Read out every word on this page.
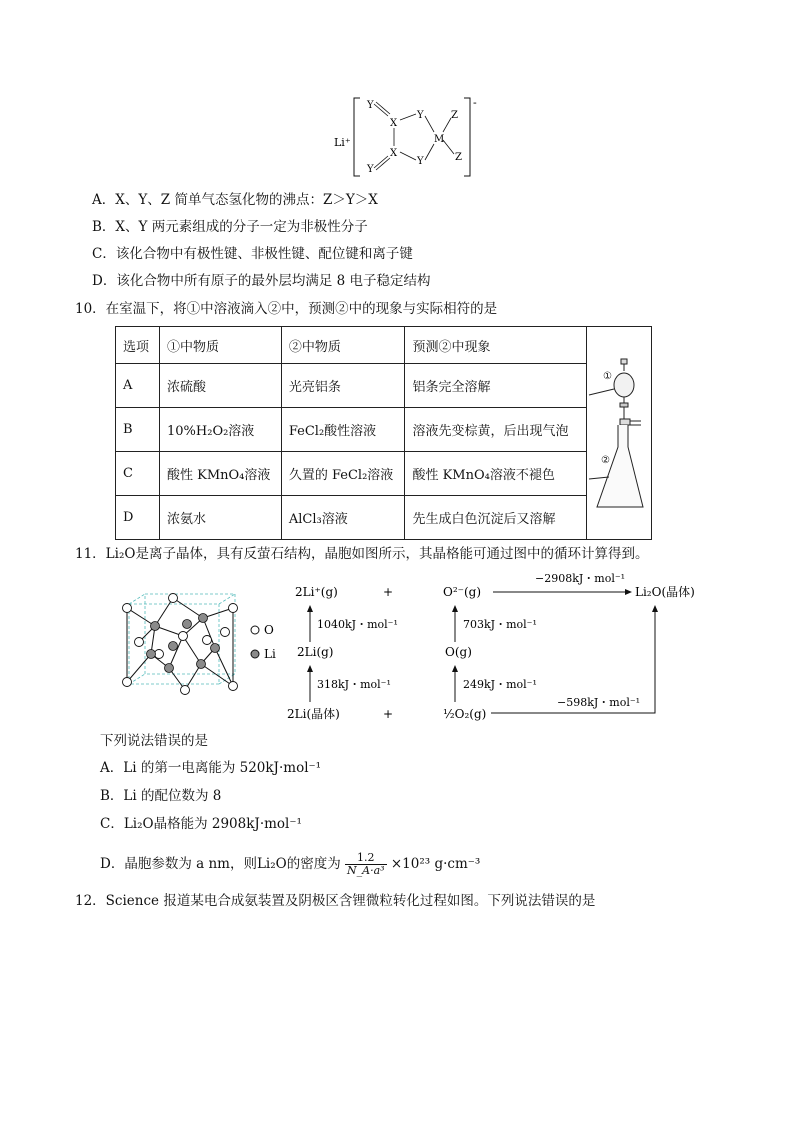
Li⁺
-
Y
Y
X
X
Y
Y
M
Z
Z
A．X、Y、Z 简单气态氢化物的沸点：Z＞Y＞X
B．X、Y 两元素组成的分子一定为非极性分子
C．该化合物中有极性键、非极性键、配位键和离子键
D．该化合物中所有原子的最外层均满足 8 电子稳定结构
10．在室温下，将①中溶液滴入②中，预测②中的现象与实际相符的是
选项	①中物质	②中物质	预测②中现象	
A	浓硫酸	光亮铝条	铝条完全溶解	
B	10%H₂O₂溶液	FeCl₂酸性溶液	溶液先变棕黄，后出现气泡	
C	酸性 KMnO₄溶液	久置的 FeCl₂溶液	酸性 KMnO₄溶液不褪色	
D	浓氨水	AlCl₃溶液	先生成白色沉淀后又溶解	
①
②
11．Li₂O是离子晶体，具有反萤石结构，晶胞如图所示，其晶格能可通过图中的循环计算得到。
O
Li
2Li⁺(g)	+	O²⁻(g)
−2908kJ・mol⁻¹
Li₂O(晶体)
1040kJ・mol⁻¹
2Li(g)
318kJ・mol⁻¹
2Li(晶体)	+
703kJ・mol⁻¹
O(g)
249kJ・mol⁻¹
½O₂(g)
−598kJ・mol⁻¹
下列说法错误的是
A．Li 的第一电离能为 520kJ·mol⁻¹
B．Li 的配位数为 8
C．Li₂O晶格能为 2908kJ·mol⁻¹
D．晶胞参数为 a nm，则Li₂O的密度为 $\frac{1.2}{\text{N\_A·a³}} \times 10^{23}$ g·cm⁻³
12．Science 报道某电合成氨装置及阴极区含锂微粒转化过程如图。下列说法错误的是
